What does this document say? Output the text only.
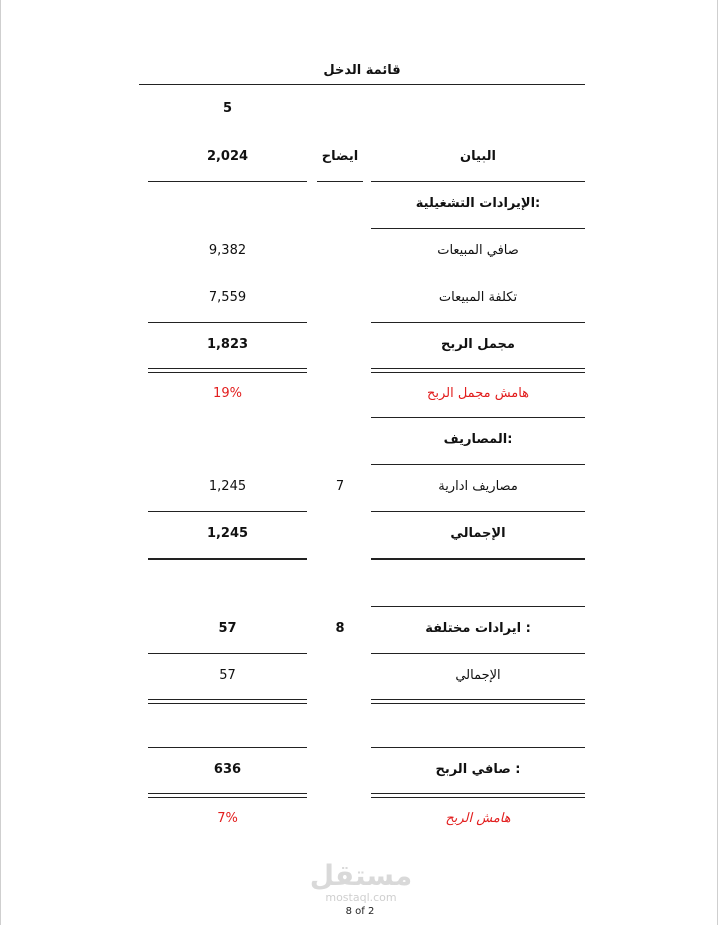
قائمة الدخل
5
البيان
ايضاح
2,024
الإيرادات التشغيلية:
صافي المبيعات
9,382
تكلفة المبيعات
7,559
مجمل الربح
1,823
هامش مجمل الربح
19%
المصاريف:
مصاريف ادارية
7
1,245
الإجمالي
1,245
ايرادات مختلفة :
8
57
الإجمالي
57
صافي الربح :
636
هامش الربح
7%
مستقل
mostaql.com
8 of 2
